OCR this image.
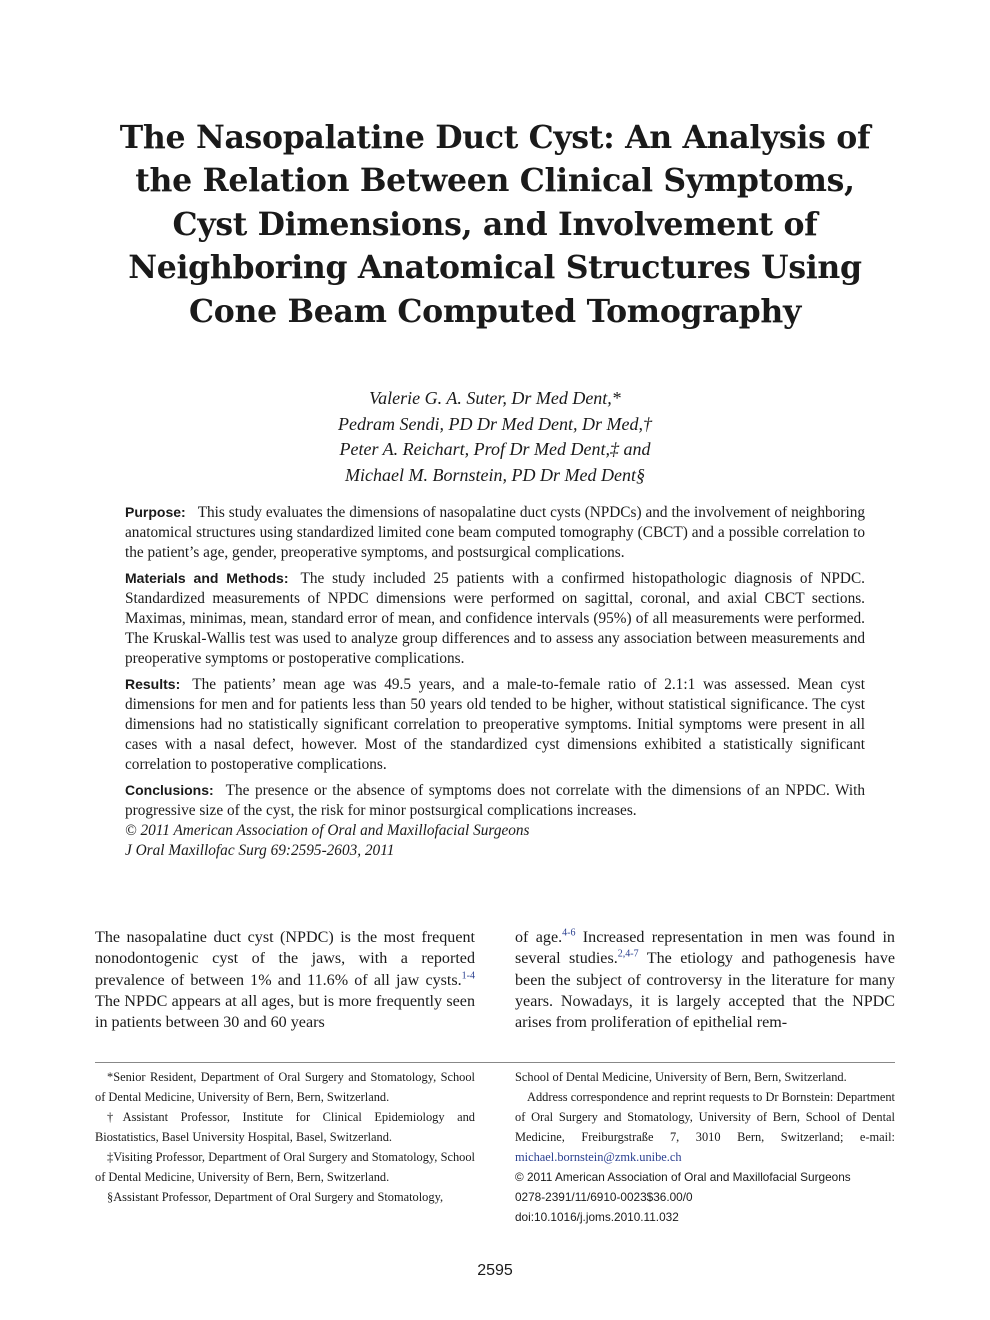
The Nasopalatine Duct Cyst: An Analysis of the Relation Between Clinical Symptoms, Cyst Dimensions, and Involvement of Neighboring Anatomical Structures Using Cone Beam Computed Tomography
Valerie G. A. Suter, Dr Med Dent,*
Pedram Sendi, PD Dr Med Dent, Dr Med,†
Peter A. Reichart, Prof Dr Med Dent,‡ and
Michael M. Bornstein, PD Dr Med Dent§

Purpose: This study evaluates the dimensions of nasopalatine duct cysts (NPDCs) and the involvement of neighboring anatomical structures using standardized limited cone beam computed tomography (CBCT) and a possible correlation to the patient’s age, gender, preoperative symptoms, and postsurgical complications.

Materials and Methods: The study included 25 patients with a confirmed histopathologic diagnosis of NPDC. Standardized measurements of NPDC dimensions were performed on sagittal, coronal, and axial CBCT sections. Maximas, minimas, mean, standard error of mean, and confidence intervals (95%) of all measurements were performed. The Kruskal-Wallis test was used to analyze group differences and to assess any association between measurements and preoperative symptoms or postoperative complications.

Results: The patients’ mean age was 49.5 years, and a male-to-female ratio of 2.1:1 was assessed. Mean cyst dimensions for men and for patients less than 50 years old tended to be higher, without statistical significance. The cyst dimensions had no statistically significant correlation to preoperative symptoms. Initial symptoms were present in all cases with a nasal defect, however. Most of the standardized cyst dimensions exhibited a statistically significant correlation to postoperative complications.

Conclusions: The presence or the absence of symptoms does not correlate with the dimensions of an NPDC. With progressive size of the cyst, the risk for minor postsurgical complications increases.

© 2011 American Association of Oral and Maxillofacial Surgeons
J Oral Maxillofac Surg 69:2595-2603, 2011

The nasopalatine duct cyst (NPDC) is the most frequent nonodontogenic cyst of the jaws, with a reported prevalence of between 1% and 11.6% of all jaw cysts.$^{1-4}$ The NPDC appears at all ages, but is more frequently seen in patients between 30 and 60 years

of age.$^{4-6}$ Increased representation in men was found in several studies.$^{2,4-7}$ The etiology and pathogenesis have been the subject of controversy in the literature for many years. Nowadays, it is largely accepted that the NPDC arises from proliferation of epithelial rem-

*Senior Resident, Department of Oral Surgery and Stomatology, School of Dental Medicine, University of Bern, Bern, Switzerland.

†Assistant Professor, Institute for Clinical Epidemiology and Biostatistics, Basel University Hospital, Basel, Switzerland.

‡Visiting Professor, Department of Oral Surgery and Stomatology, School of Dental Medicine, University of Bern, Bern, Switzerland.

§Assistant Professor, Department of Oral Surgery and Stomatology,

School of Dental Medicine, University of Bern, Bern, Switzerland.

Address correspondence and reprint requests to Dr Bornstein: Department of Oral Surgery and Stomatology, University of Bern, School of Dental Medicine, Freiburgstraße 7, 3010 Bern, Switzerland; e-mail: michael.bornstein@zmk.unibe.ch

© 2011 American Association of Oral and Maxillofacial Surgeons

0278-2391/11/6910-0023$36.00/0

doi:10.1016/j.joms.2010.11.032

2595
